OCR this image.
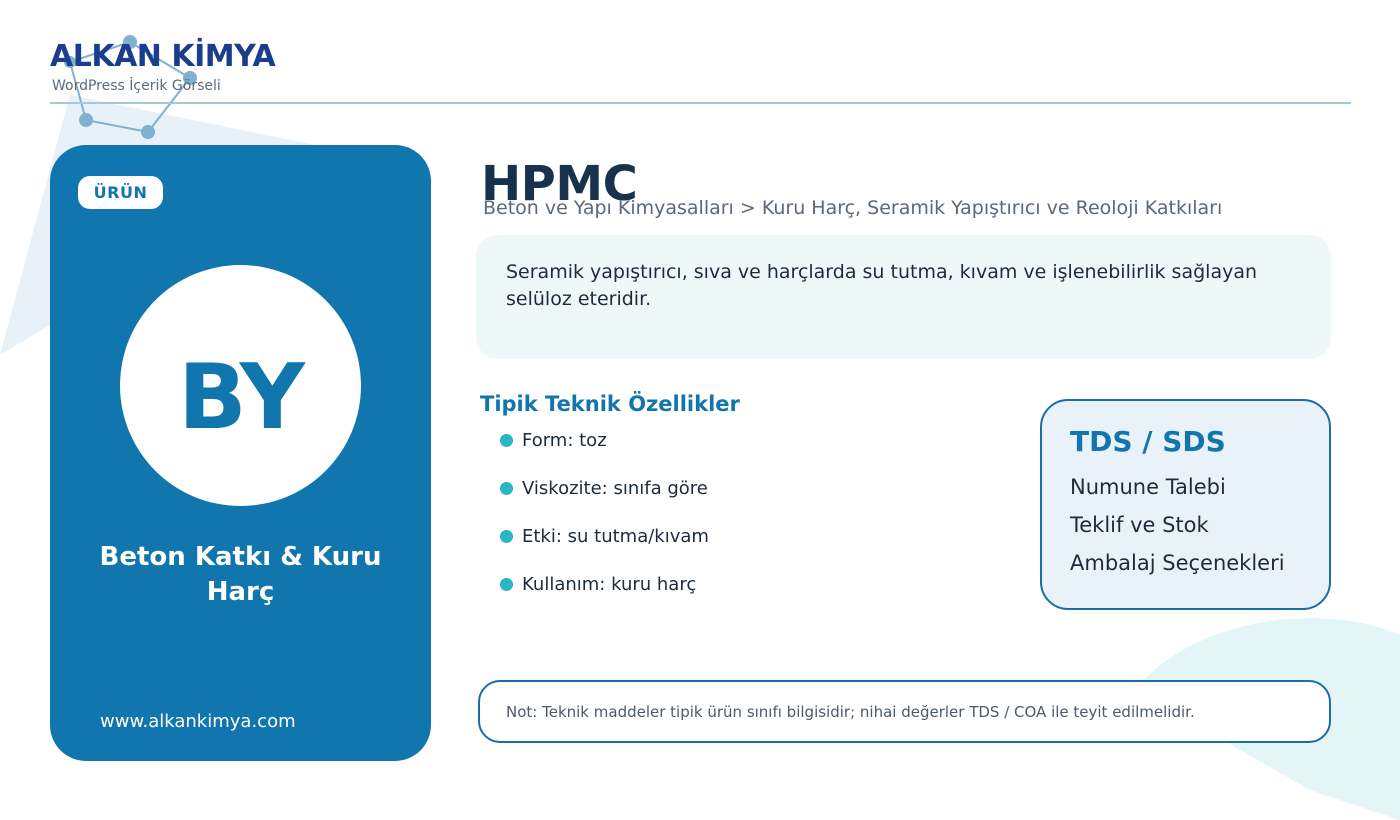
ALKAN KİMYA
WordPress İçerik Görseli
ÜRÜN
BY
Beton Katkı & Kuru Harç
www.alkankimya.com
HPMC
Beton ve Yapı Kimyasalları > Kuru Harç, Seramik Yapıştırıcı ve Reoloji Katkıları

Seramik yapıştırıcı, sıva ve harçlarda su tutma, kıvam ve işlenebilirlik sağlayan selüloz eteridir.

Tipik Teknik Özellikler
Form: toz
Viskozite: sınıfa göre
Etki: su tutma/kıvam
Kullanım: kuru harç
TDS / SDS
Numune Talebi
Teklif ve Stok
Ambalaj Seçenekleri
Not: Teknik maddeler tipik ürün sınıfı bilgisidir; nihai değerler TDS / COA ile teyit edilmelidir.
